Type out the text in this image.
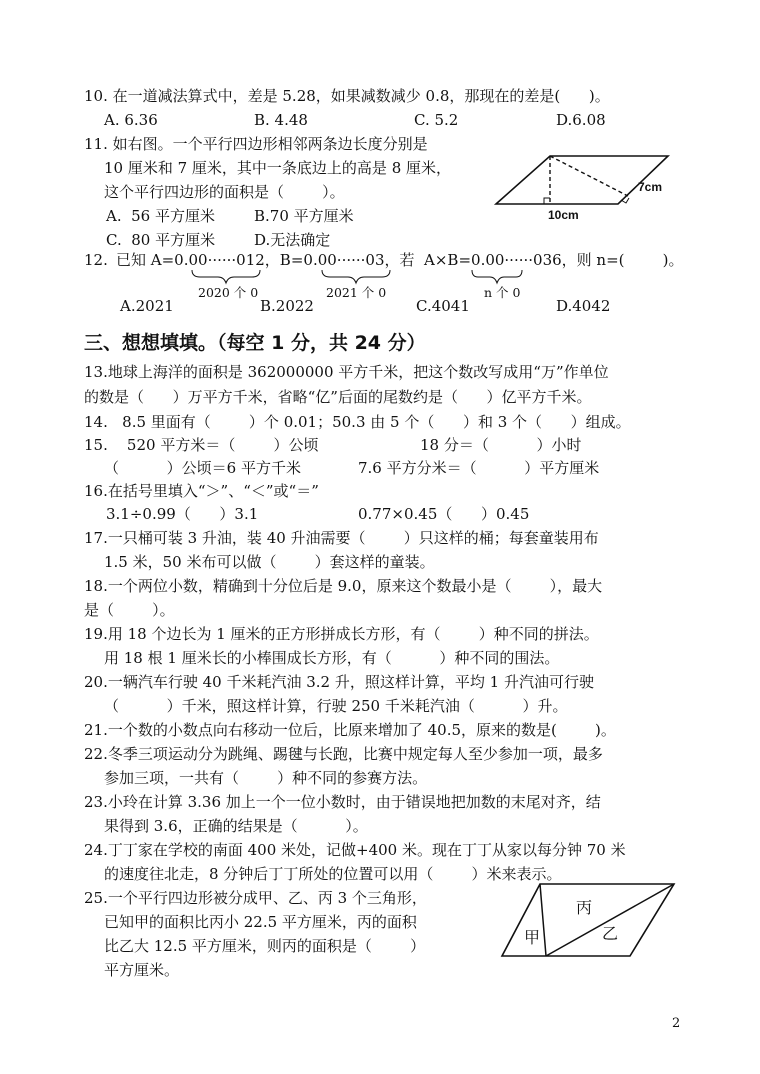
10. 在一道减法算式中，差是 5.28，如果减数减少 0.8，那现在的差是(      )。
A. 6.36	B. 4.48	C. 5.2	D.6.08
11. 如右图。一个平行四边形相邻两条边长度分别是
10 厘米和 7 厘米，其中一条底边上的高是 8 厘米，
这个平行四边形的面积是（        ）。
A.  56 平方厘米	B.70 平方厘米
C.  80 平方厘米	D.无法确定
7cm
10cm
12. 已知 A=0.00······012，B=0.00······03，若  A×B=0.00······036，则 n=(        )。
2020 个 0	2021 个 0	n 个 0
A.2021	B.2022	C.4041	D.4042
三、想想填填。（每空 1 分，共 24 分）
13.地球上海洋的面积是 362000000 平方千米，把这个数改写成用“万”作单位
的数是（      ）万平方千米，省略“亿”后面的尾数约是（      ）亿平方千米。
14.   8.5 里面有（        ）个 0.01；50.3 由 5 个（      ）和 3 个（      ）组成。
15.    520 平方米＝（        ）公顷	18 分＝（          ）小时
（          ）公顷＝6 平方千米	7.6 平方分米＝（          ）平方厘米
16.在括号里填入“＞”、“＜”或“＝”
3.1÷0.99（      ）3.1	0.77×0.45（      ）0.45
17.一只桶可装 3 升油，装 40 升油需要（        ）只这样的桶；每套童装用布
1.5 米，50 米布可以做（        ）套这样的童装。
18.一个两位小数，精确到十分位后是 9.0，原来这个数最小是（        ），最大
是（        ）。
19.用 18 个边长为 1 厘米的正方形拼成长方形，有（        ）种不同的拼法。
用 18 根 1 厘米长的小棒围成长方形，有（          ）种不同的围法。
20.一辆汽车行驶 40 千米耗汽油 3.2 升，照这样计算，平均 1 升汽油可行驶
（          ）千米，照这样计算，行驶 250 千米耗汽油（          ）升。
21.一个数的小数点向右移动一位后，比原来增加了 40.5，原来的数是(        )。
22.冬季三项运动分为跳绳、踢毽与长跑，比赛中规定每人至少参加一项，最多
参加三项，一共有（        ）种不同的参赛方法。
23.小玲在计算 3.36 加上一个一位小数时，由于错误地把加数的末尾对齐，结
果得到 3.6，正确的结果是（          ）。
24.丁丁家在学校的南面 400 米处，记做+400 米。现在丁丁从家以每分钟 70 米
的速度往北走，8 分钟后丁丁所处的位置可以用（        ）米来表示。
25.一个平行四边形被分成甲、乙、丙 3 个三角形，
已知甲的面积比丙小 22.5 平方厘米，丙的面积
比乙大 12.5 平方厘米，则丙的面积是（        ）
平方厘米。
甲	乙
丙
2
